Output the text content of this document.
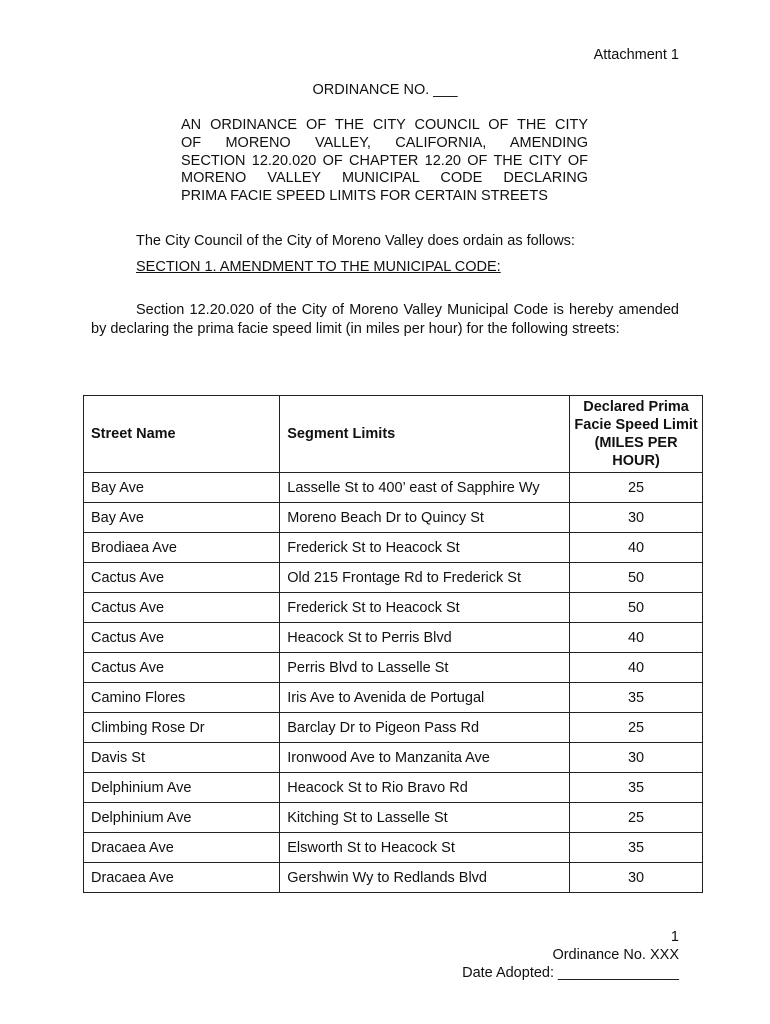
Attachment 1
ORDINANCE NO. ___
AN ORDINANCE OF THE CITY COUNCIL OF THE CITY
OF MORENO VALLEY, CALIFORNIA, AMENDING
SECTION 12.20.020 OF CHAPTER 12.20 OF THE CITY OF
MORENO VALLEY MUNICIPAL CODE DECLARING
PRIMA FACIE SPEED LIMITS FOR CERTAIN STREETS
The City Council of the City of Moreno Valley does ordain as follows:
SECTION 1. AMENDMENT TO THE MUNICIPAL CODE:
Section 12.20.020 of the City of Moreno Valley Municipal Code is hereby amended by declaring the prima facie speed limit (in miles per hour) for the following streets:
Street Name	Segment Limits	Declared Prima Facie Speed Limit (MILES PER HOUR)
Bay Ave	Lasselle St to 400’ east of Sapphire Wy	25
Bay Ave	Moreno Beach Dr to Quincy St	30
Brodiaea Ave	Frederick St to Heacock St	40
Cactus Ave	Old 215 Frontage Rd to Frederick St	50
Cactus Ave	Frederick St to Heacock St	50
Cactus Ave	Heacock St to Perris Blvd	40
Cactus Ave	Perris Blvd to Lasselle St	40
Camino Flores	Iris Ave to Avenida de Portugal	35
Climbing Rose Dr	Barclay Dr to Pigeon Pass Rd	25
Davis St	Ironwood Ave to Manzanita Ave	30
Delphinium Ave	Heacock St to Rio Bravo Rd	35
Delphinium Ave	Kitching St to Lasselle St	25
Dracaea Ave	Elsworth St to Heacock St	35
Dracaea Ave	Gershwin Wy to Redlands Blvd	30
1
Ordinance No. XXX
Date Adopted: _______________
